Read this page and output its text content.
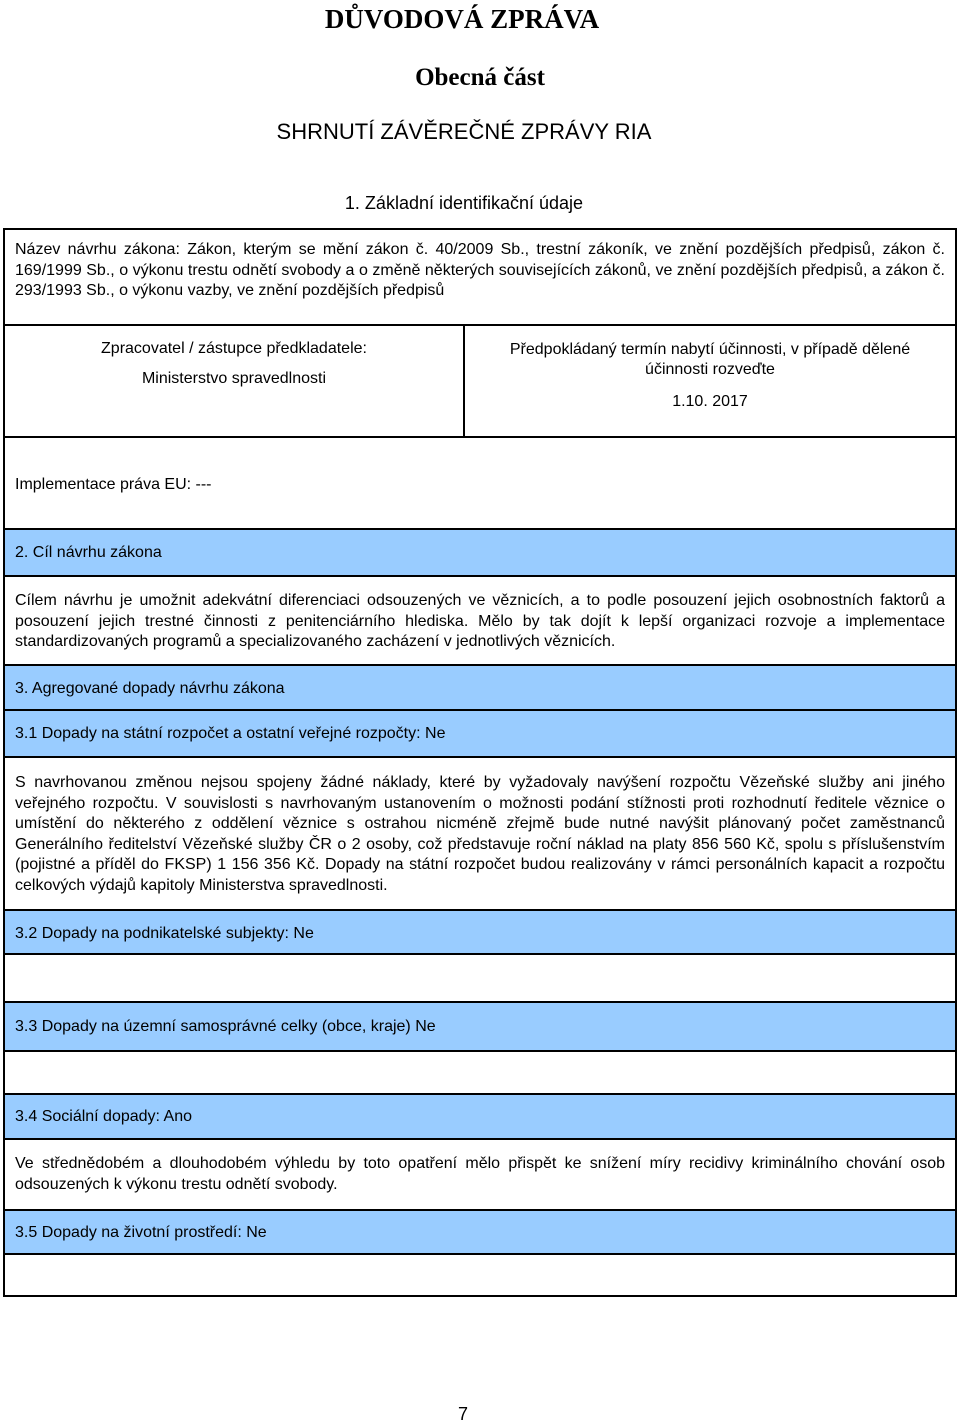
DŮVODOVÁ ZPRÁVA
Obecná část
SHRNUTÍ ZÁVĚREČNÉ ZPRÁVY RIA
1. Základní identifikační údaje
Název návrhu zákona: Zákon, kterým se mění zákon č. 40/2009 Sb., trestní zákoník, ve znění pozdějších předpisů, zákon č. 169/1999 Sb., o výkonu trestu odnětí svobody a o změně některých souvisejících zákonů, ve znění pozdějších předpisů, a zákon č. 293/1993 Sb., o výkonu vazby, ve znění pozdějších předpisů
Zpracovatel / zástupce předkladatele:
Ministerstvo spravedlnosti
Předpokládaný termín nabytí účinnosti, v případě dělené účinnosti rozveďte
1.10. 2017
Implementace práva EU: ---
2. Cíl návrhu zákona
Cílem návrhu je umožnit adekvátní diferenciaci odsouzených ve věznicích, a to podle posouzení jejich osobnostních faktorů a posouzení jejich trestné činnosti z penitenciárního hlediska. Mělo by tak dojít k lepší organizaci rozvoje a implementace standardizovaných programů a specializovaného zacházení v jednotlivých věznicích.
3. Agregované dopady návrhu zákona
3.1 Dopady na státní rozpočet a ostatní veřejné rozpočty: Ne
S navrhovanou změnou nejsou spojeny žádné náklady, které by vyžadovaly navýšení rozpočtu Vězeňské služby ani jiného veřejného rozpočtu. V souvislosti s navrhovaným ustanovením o možnosti podání stížnosti proti rozhodnutí ředitele věznice o umístění do některého z oddělení věznice s ostrahou nicméně zřejmě bude nutné navýšit plánovaný počet zaměstnanců Generálního ředitelství Vězeňské služby ČR o 2 osoby, což představuje roční náklad na platy 856 560 Kč, spolu s příslušenstvím (pojistné a příděl do FKSP) 1 156 356 Kč. Dopady na státní rozpočet budou realizovány v rámci personálních kapacit a rozpočtu celkových výdajů kapitoly Ministerstva spravedlnosti.
3.2 Dopady na podnikatelské subjekty: Ne
3.3 Dopady na územní samosprávné celky (obce, kraje) Ne
3.4 Sociální dopady: Ano
Ve střednědobém a dlouhodobém výhledu by toto opatření mělo přispět ke snížení míry recidivy kriminálního chování osob odsouzených k výkonu trestu odnětí svobody.
3.5 Dopady na životní prostředí: Ne
7
